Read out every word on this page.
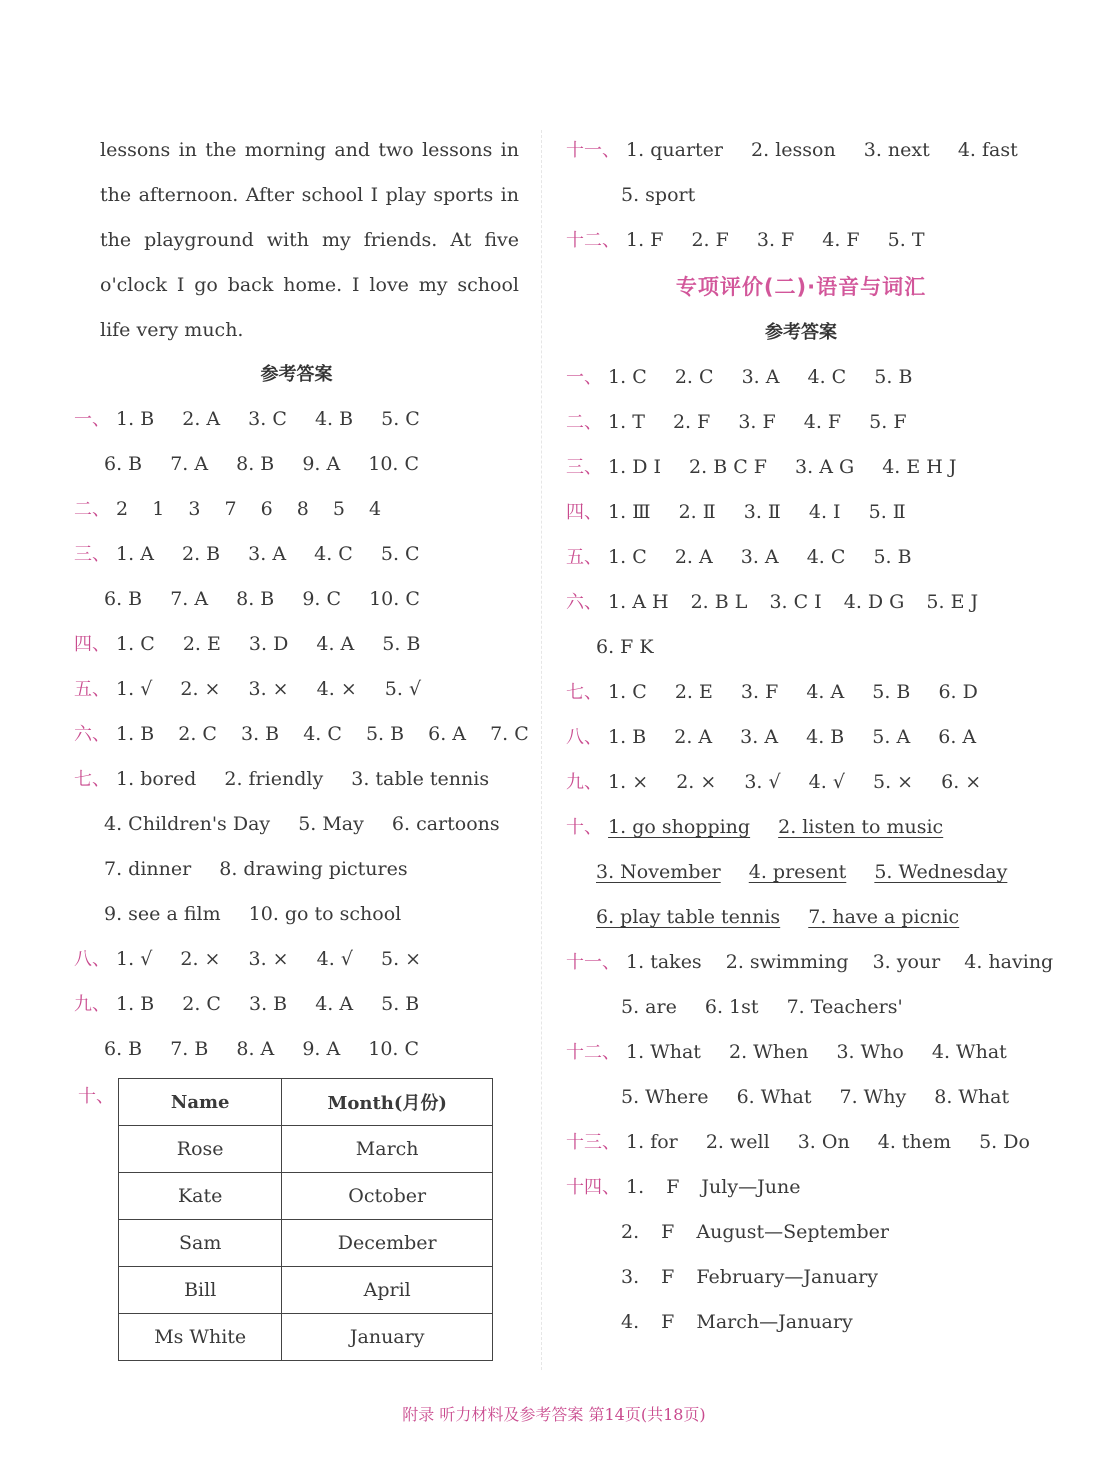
lessons in the morning and two lessons in the afternoon. After school I play sports in the playground with my friends. At five o'clock I go back home. I love my school life very much.

参考答案
一、 1. B 2. A 3. C 4. B 5. C
6. B 7. A 8. B 9. A 10. C
二、 2 1 3 7 6 8 5 4
三、 1. A 2. B 3. A 4. C 5. C
6. B 7. A 8. B 9. C 10. C
四、 1. C 2. E 3. D 4. A 5. B
五、 1. √ 2. × 3. × 4. × 5. √
六、 1. B 2. C 3. B 4. C 5. B 6. A 7. C
七、 1. bored 2. friendly 3. table tennis
4. Children's Day 5. May 6. cartoons
7. dinner 8. drawing pictures
9. see a film 10. go to school
八、 1. √ 2. × 3. × 4. √ 5. ×
九、 1. B 2. C 3. B 4. A 5. B
6. B 7. B 8. A 9. A 10. C
十、	Name	Month(月份)
Rose	March
Kate	October
Sam	December
Bill	April
Ms White	January
十一、 1. quarter 2. lesson 3. next 4. fast
5. sport
十二、 1. F 2. F 3. F 4. F 5. T
专项评价(二)·语音与词汇
参考答案
一、 1. C 2. C 3. A 4. C 5. B
二、 1. T 2. F 3. F 4. F 5. F
三、 1. D I 2. B C F 3. A G 4. E H J
四、 1. Ⅲ 2. Ⅱ 3. Ⅱ 4. Ⅰ 5. Ⅱ
五、 1. C 2. A 3. A 4. C 5. B
六、 1. A H 2. B L 3. C I 4. D G 5. E J
6. F K
七、 1. C 2. E 3. F 4. A 5. B 6. D
八、 1. B 2. A 3. A 4. B 5. A 6. A
九、 1. × 2. × 3. √ 4. √ 5. × 6. ×
十、 1. go shopping 2. listen to music
3. November 4. present 5. Wednesday
6. play table tennis 7. have a picnic
十一、 1. takes 2. swimming 3. your 4. having
5. are 6. 1st 7. Teachers'
十二、 1. What 2. When 3. Who 4. What
5. Where 6. What 7. Why 8. What
十三、 1. for 2. well 3. On 4. them 5. Do
十四、 1. F July—June
2. F August—September
3. F February—January
4. F March—January
附录 听力材料及参考答案 第14页(共18页)
